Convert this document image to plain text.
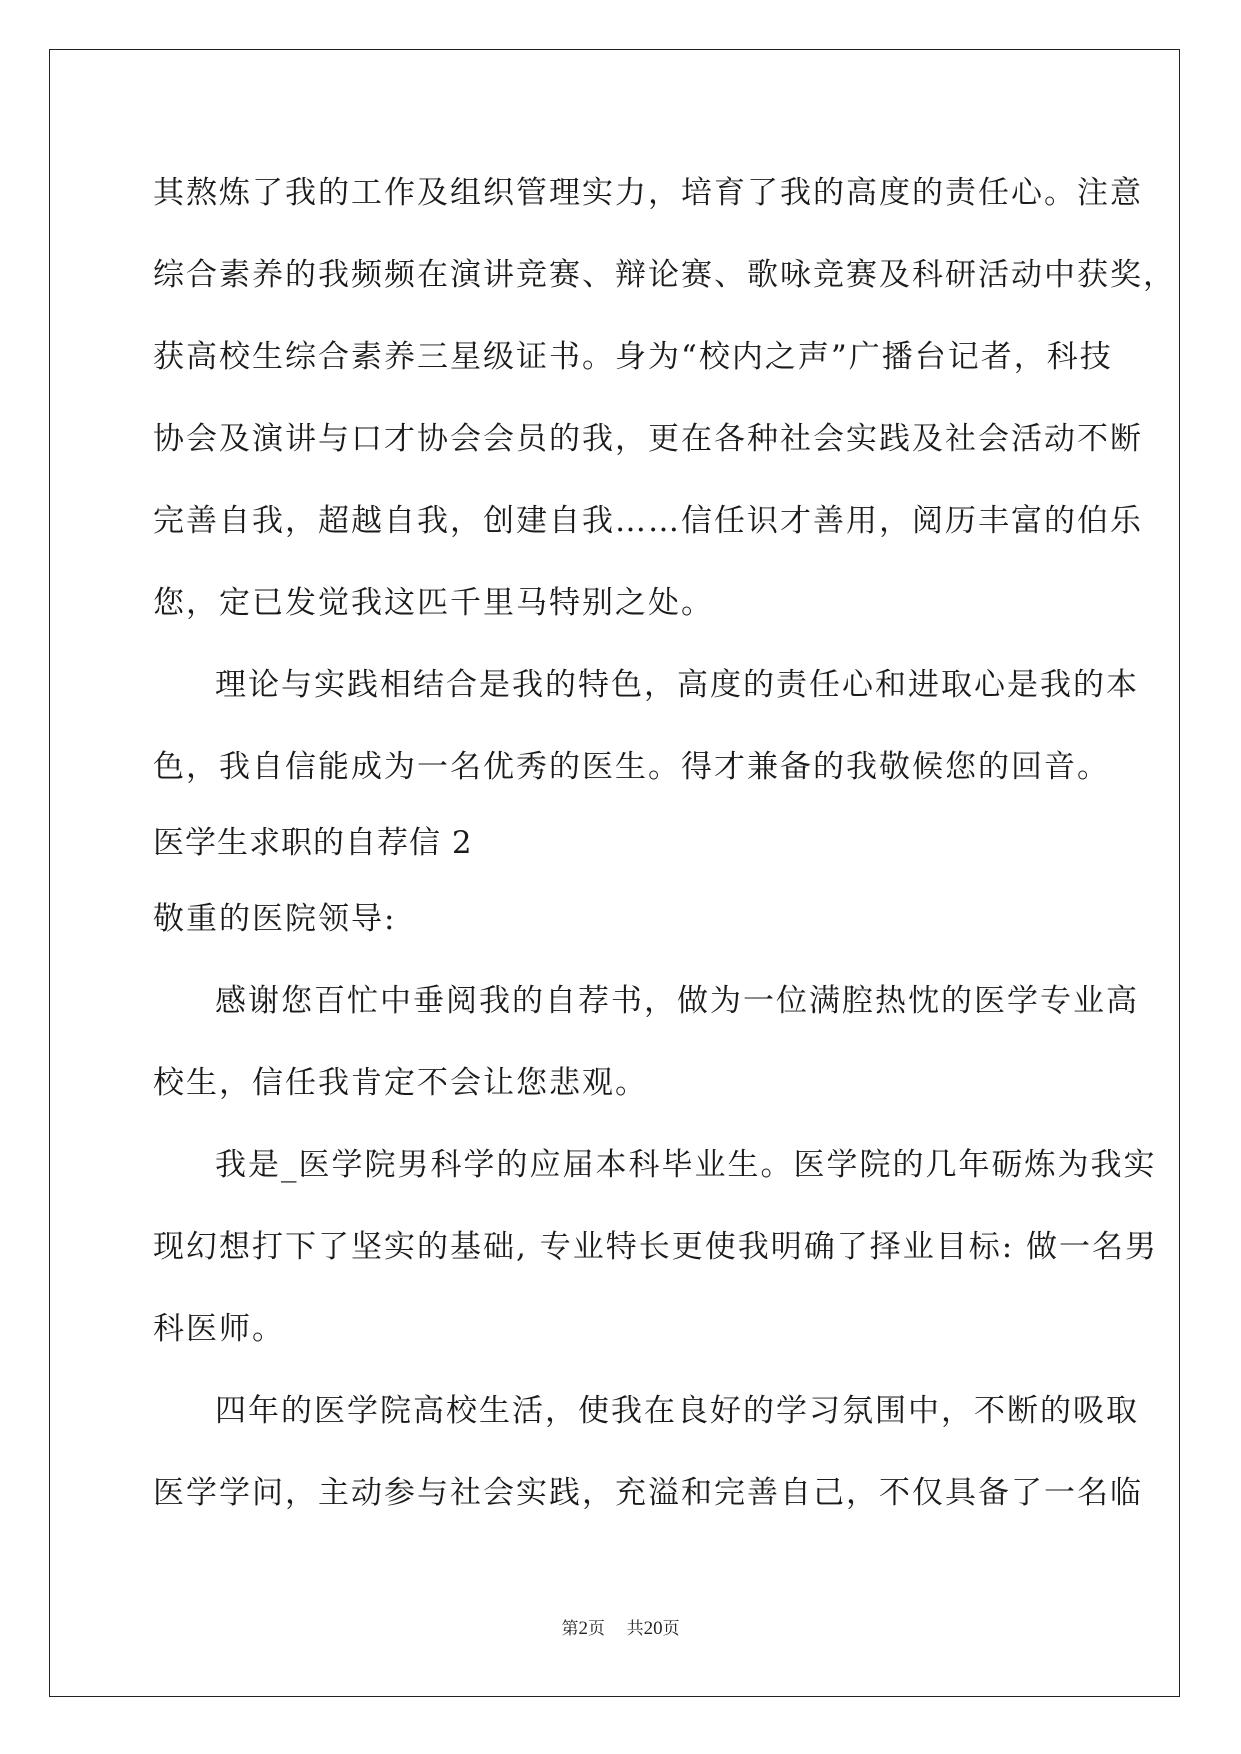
其熬炼了我的工作及组织管理实力，培育了我的高度的责任心。注意
综合素养的我频频在演讲竞赛、辩论赛、歌咏竞赛及科研活动中获奖，
获高校生综合素养三星级证书。身为“校内之声”广播台记者，科技
协会及演讲与口才协会会员的我，更在各种社会实践及社会活动不断
完善自我，超越自我，创建自我……信任识才善用，阅历丰富的伯乐
您，定已发觉我这匹千里马特别之处。
理论与实践相结合是我的特色，高度的责任心和进取心是我的本
色，我自信能成为一名优秀的医生。得才兼备的我敬候您的回音。
医学生求职的自荐信 2
敬重的医院领导:
感谢您百忙中垂阅我的自荐书，做为一位满腔热忱的医学专业高
校生，信任我肯定不会让您悲观。
我是_医学院男科学的应届本科毕业生。医学院的几年砺炼为我实
现幻想打下了坚实的基础, 专业特长更使我明确了择业目标: 做一名男
科医师。
四年的医学院高校生活，使我在良好的学习氛围中，不断的吸取
医学学问，主动参与社会实践，充溢和完善自己，不仅具备了一名临
第2页 共20页
